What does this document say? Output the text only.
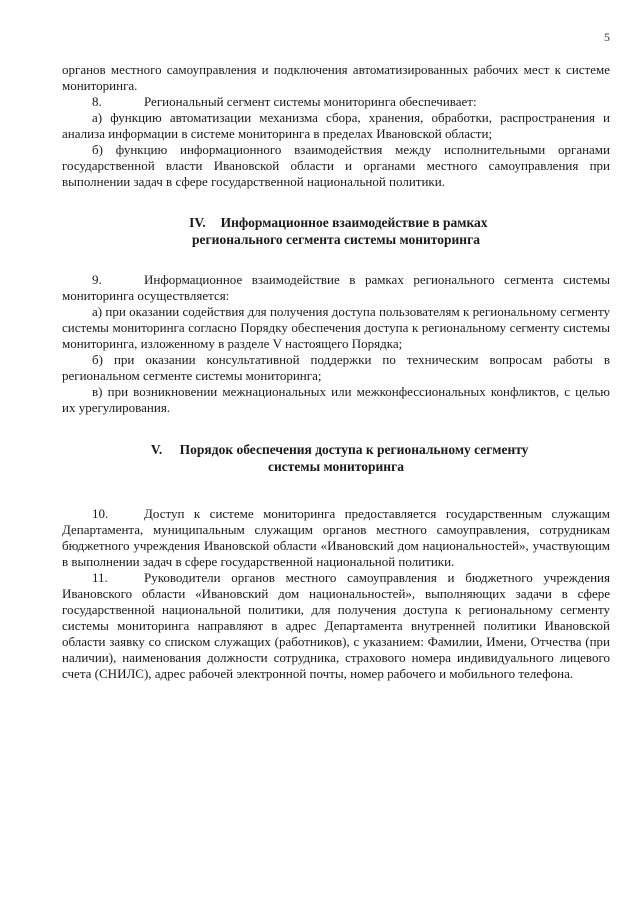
5

органов местного самоуправления и подключения автоматизированных рабочих мест к системе мониторинга.

8.	Региональный сегмент системы мониторинга обеспечивает:

а) функцию автоматизации механизма сбора, хранения, обработки, распространения и анализа информации в системе мониторинга в пределах Ивановской области;

б) функцию информационного взаимодействия между исполнительными органами государственной власти Ивановской области и органами местного самоуправления при выполнении задач в сфере государственной национальной политики.

IV. Информационное взаимодействие в рамках
регионального сегмента системы мониторинга

9.	Информационное взаимодействие в рамках регионального сегмента системы мониторинга осуществляется:

а) при оказании содействия для получения доступа пользователям к региональному сегменту системы мониторинга согласно Порядку обеспечения доступа к региональному сегменту системы мониторинга, изложенному в разделе V настоящего Порядка;

б) при оказании консультативной поддержки по техническим вопросам работы в региональном сегменте системы мониторинга;

в) при возникновении межнациональных или межконфессиональных конфликтов, с целью их урегулирования.

V. Порядок обеспечения доступа к региональному сегменту
системы мониторинга

10.	Доступ к системе мониторинга предоставляется государственным служащим Департамента, муниципальным служащим органов местного самоуправления, сотрудникам бюджетного учреждения Ивановской области «Ивановский дом национальностей», участвующим в выполнении задач в сфере государственной национальной политики.

11.	Руководители органов местного самоуправления и бюджетного учреждения Ивановского области «Ивановский дом национальностей», выполняющих задачи в сфере государственной национальной политики, для получения доступа к региональному сегменту системы мониторинга направляют в адрес Департамента внутренней политики Ивановской области заявку со списком служащих (работников), с указанием: Фамилии, Имени, Отчества (при наличии), наименования должности сотрудника, страхового номера индивидуального лицевого счета (СНИЛС), адрес рабочей электронной почты, номер рабочего и мобильного телефона.
